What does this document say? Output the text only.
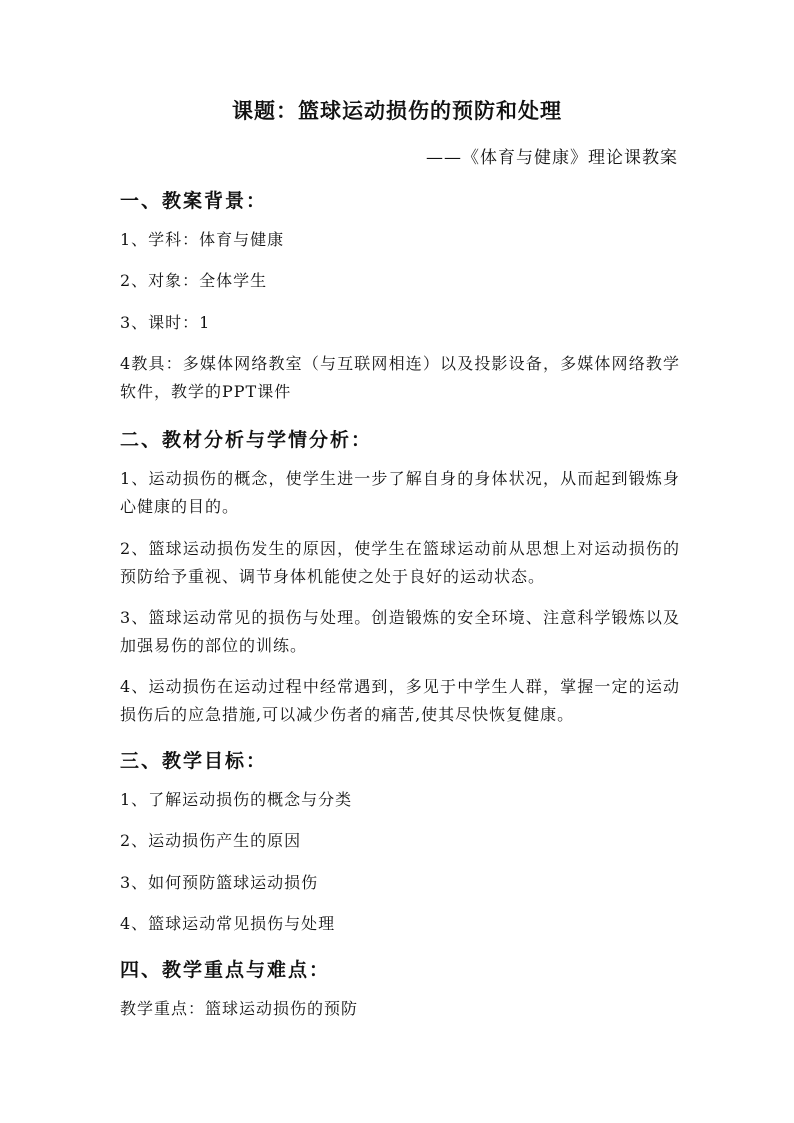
课题：篮球运动损伤的预防和处理
——《体育与健康》理论课教案
一、教案背景：
1、学科：体育与健康
2、对象：全体学生
3、课时：1
4教具：多媒体网络教室（与互联网相连）以及投影设备，多媒体网络教学软件，教学的PPT课件
二、教材分析与学情分析：
1、运动损伤的概念，使学生进一步了解自身的身体状况，从而起到锻炼身心健康的目的。
2、篮球运动损伤发生的原因，使学生在篮球运动前从思想上对运动损伤的预防给予重视、调节身体机能使之处于良好的运动状态。
3、篮球运动常见的损伤与处理。创造锻炼的安全环境、注意科学锻炼以及加强易伤的部位的训练。
4、运动损伤在运动过程中经常遇到，多见于中学生人群，掌握一定的运动损伤后的应急措施,可以减少伤者的痛苦,使其尽快恢复健康。
三、教学目标：
1、了解运动损伤的概念与分类
2、运动损伤产生的原因
3、如何预防篮球运动损伤
4、篮球运动常见损伤与处理
四、教学重点与难点：
教学重点：篮球运动损伤的预防
